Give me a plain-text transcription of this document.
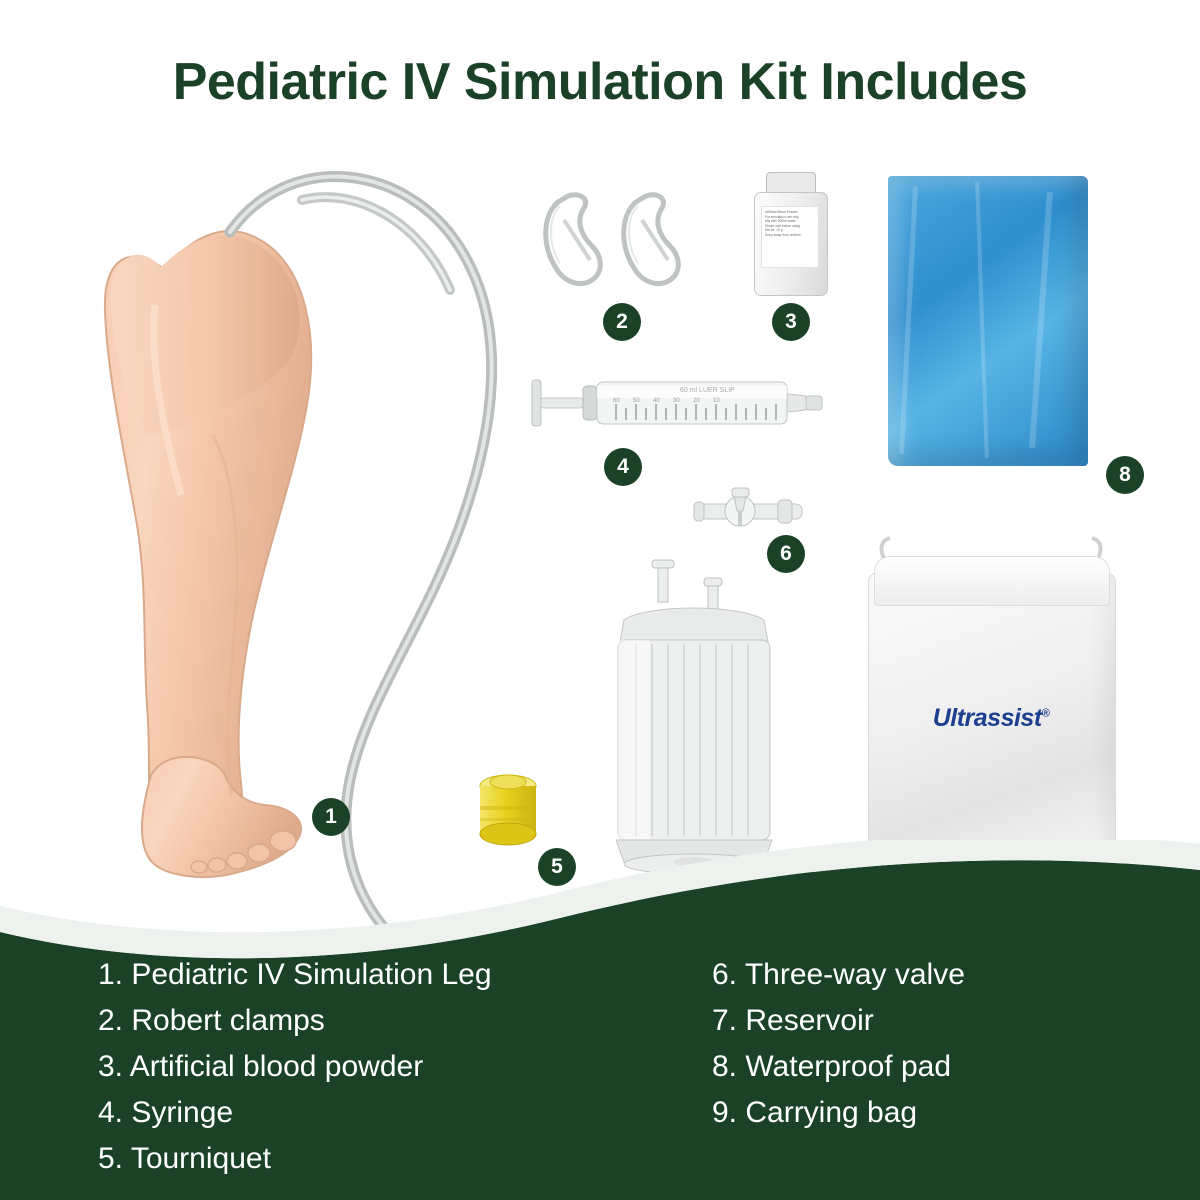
Pediatric IV Simulation Kit Includes
Artificial Blood Powder
For simulation use only
Mix with 500ml water
Shake well before using
Net wt. 10 g
Keep away from children
60 50 40 30 20 10
60 ml LUER SLIP
Ultrassist®
1
2	3
4
5
6
8
1. Pediatric IV Simulation Leg
2. Robert clamps
3. Artificial blood powder
4. Syringe
5. Tourniquet
6. Three-way valve
7. Reservoir
8. Waterproof pad
9. Carrying bag
